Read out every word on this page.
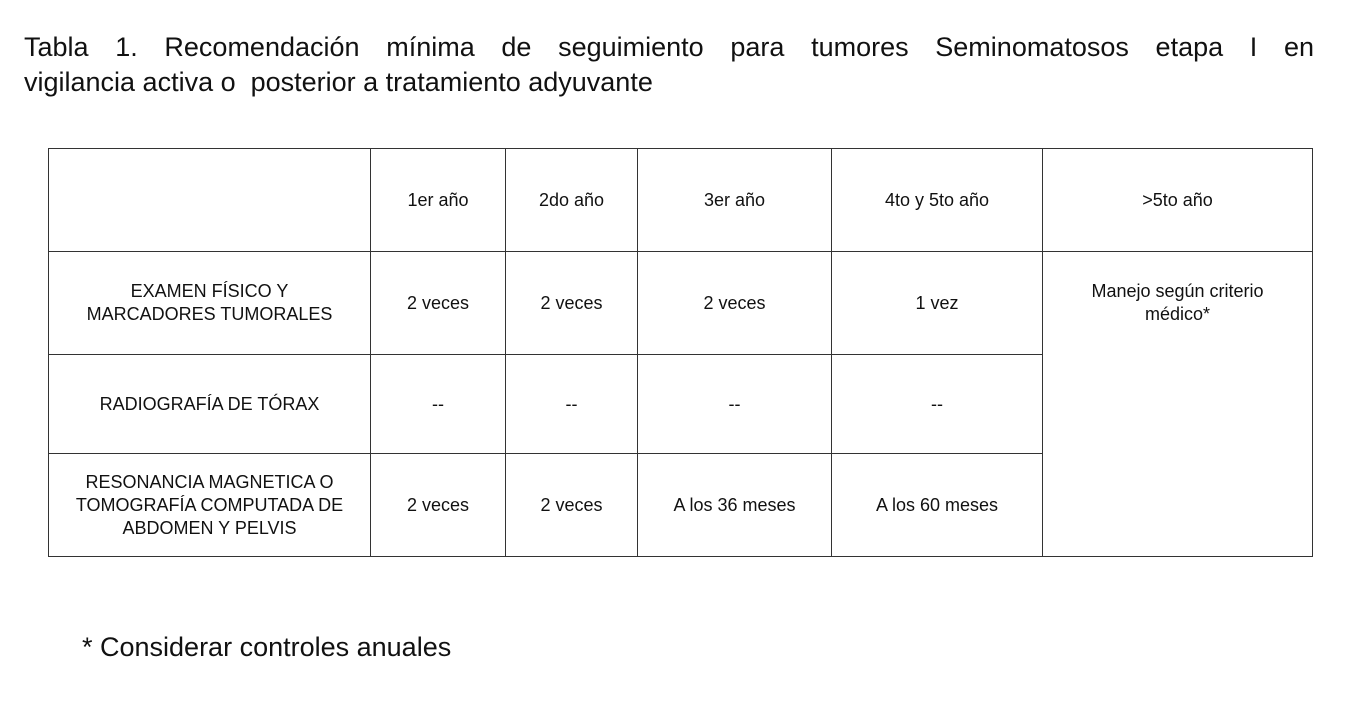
Tabla 1. Recomendación mínima de seguimiento para tumores Seminomatosos etapa I en
vigilancia activa o  posterior a tratamiento adyuvante
	1er año	2do año	3er año	4to y 5to año	>5to año
EXAMEN FÍSICO Y MARCADORES TUMORALES	2 veces	2 veces	2 veces	1 vez	Manejo según criterio médico*
RADIOGRAFÍA DE TÓRAX	--	--	--	--	
RESONANCIA MAGNETICA O TOMOGRAFÍA COMPUTADA DE ABDOMEN Y PELVIS	2 veces	2 veces	A los 36 meses	A los 60 meses	
* Considerar controles anuales
